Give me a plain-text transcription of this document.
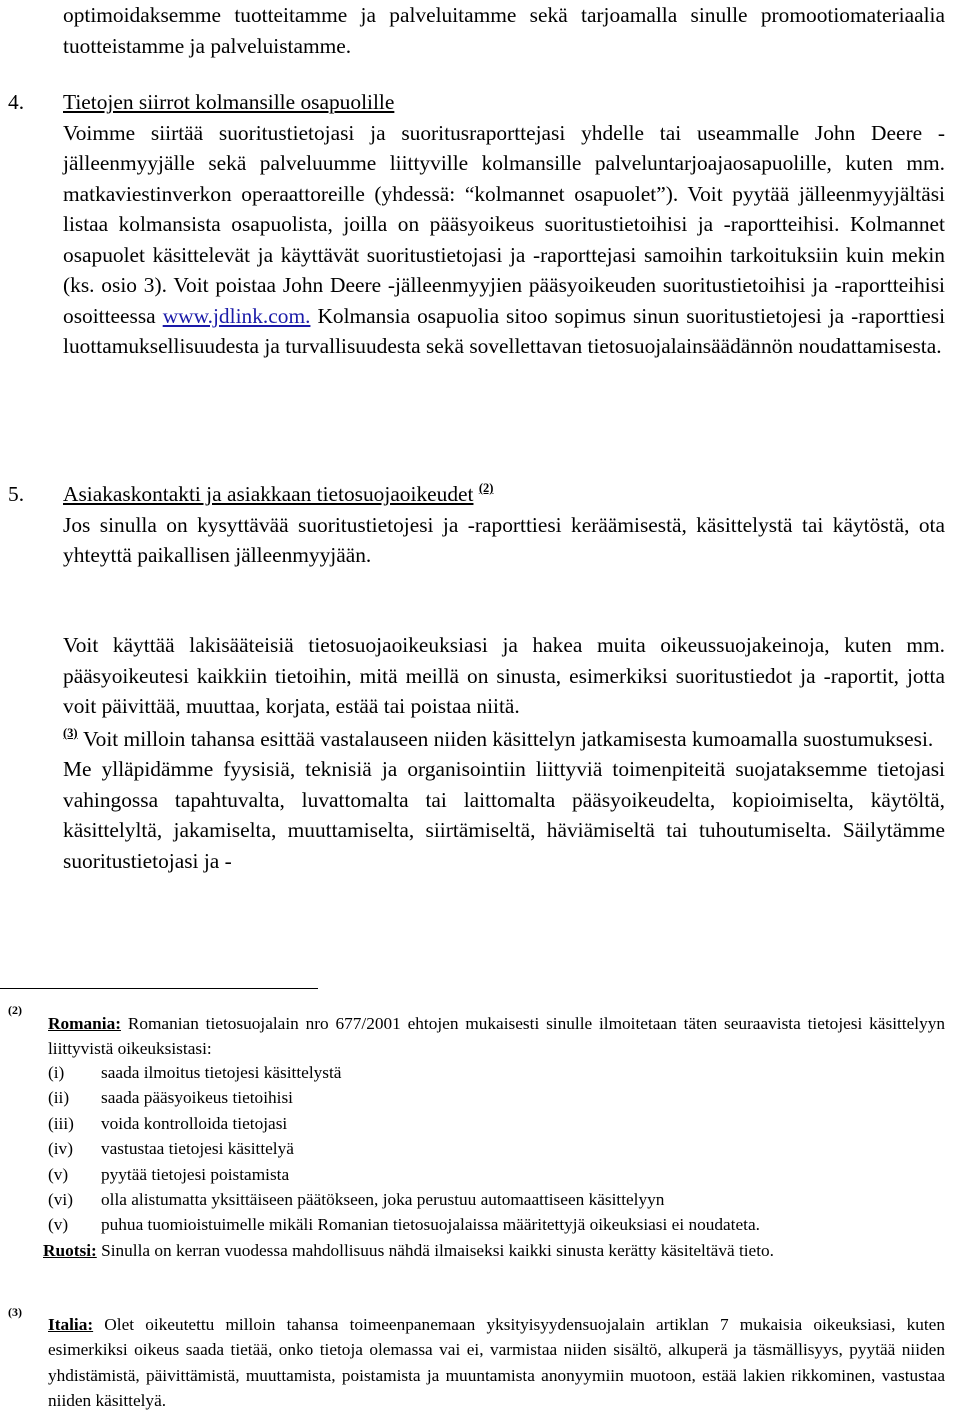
optimoidaksemme tuotteitamme ja palveluitamme sekä tarjoamalla sinulle promootiomateriaalia tuotteistamme ja palveluistamme.
4. Tietojen siirrot kolmansille osapuolille
Voimme siirtää suoritustietojasi ja suoritusraporttejasi yhdelle tai useammalle John Deere -jälleenmyyjälle sekä palveluumme liittyville kolmansille palveluntarjoajaosapuolille, kuten mm. matkaviestinverkon operaattoreille (yhdessä: “kolmannet osapuolet”). Voit pyytää jälleenmyyjältäsi listaa kolmansista osapuolista, joilla on pääsyoikeus suoritustietoihisi ja -raportteihisi. Kolmannet osapuolet käsittelevät ja käyttävät suoritustietojasi ja -raporttejasi samoihin tarkoituksiin kuin mekin (ks. osio 3). Voit poistaa John Deere -jälleenmyyjien pääsyoikeuden suoritustietoihisi ja -raportteihisi osoitteessa www.jdlink.com. Kolmansia osapuolia sitoo sopimus sinun suoritustietojesi ja -raporttiesi luottamuksellisuudesta ja turvallisuudesta sekä sovellettavan tietosuojalainsäädännön noudattamisesta.
5. Asiakaskontakti ja asiakkaan tietosuojaoikeudet $^{(2)}$
Jos sinulla on kysyttävää suoritustietojesi ja -raporttiesi keräämisestä, käsittelystä tai käytöstä, ota yhteyttä paikallisen jälleenmyyjään.
Voit käyttää lakisääteisiä tietosuojaoikeuksiasi ja hakea muita oikeussuojakeinoja, kuten mm. pääsyoikeutesi kaikkiin tietoihin, mitä meillä on sinusta, esimerkiksi suoritustiedot ja -raportit, jotta voit päivittää, muuttaa, korjata, estää tai poistaa niitä.
$^{(3)}$ Voit milloin tahansa esittää vastalauseen niiden käsittelyn jatkamisesta kumoamalla suostumuksesi.
Me ylläpidämme fyysisiä, teknisiä ja organisointiin liittyviä toimenpiteitä suojataksemme tietojasi vahingossa tapahtuvalta, luvattomalta tai laittomalta pääsyoikeudelta, kopioimiselta, käytöltä, käsittelyltä, jakamiselta, muuttamiselta, siirtämiseltä, häviämiseltä tai tuhoutumiselta. Säilytämme suoritustietojasi ja -
(2)
Romania: Romanian tietosuojalain nro 677/2001 ehtojen mukaisesti sinulle ilmoitetaan täten seuraavista tietojesi käsittelyyn liittyvistä oikeuksistasi:
(i) saada ilmoitus tietojesi käsittelystä
(ii) saada pääsyoikeus tietoihisi
(iii) voida kontrolloida tietojasi
(iv) vastustaa tietojesi käsittelyä
(v) pyytää tietojesi poistamista
(vi) olla alistumatta yksittäiseen päätökseen, joka perustuu automaattiseen käsittelyyn
(v) puhua tuomioistuimelle mikäli Romanian tietosuojalaissa määritettyjä oikeuksiasi ei noudateta.
Ruotsi: Sinulla on kerran vuodessa mahdollisuus nähdä ilmaiseksi kaikki sinusta kerätty käsiteltävä tieto.
(3)
Italia: Olet oikeutettu milloin tahansa toimeenpanemaan yksityisyydensuojalain artiklan 7 mukaisia oikeuksiasi, kuten esimerkiksi oikeus saada tietää, onko tietoja olemassa vai ei, varmistaa niiden sisältö, alkuperä ja täsmällisyys, pyytää niiden yhdistämistä, päivittämistä, muuttamista, poistamista ja muuntamista anonyymiin muotoon, estää lakien rikkominen, vastustaa niiden käsittelyä.
